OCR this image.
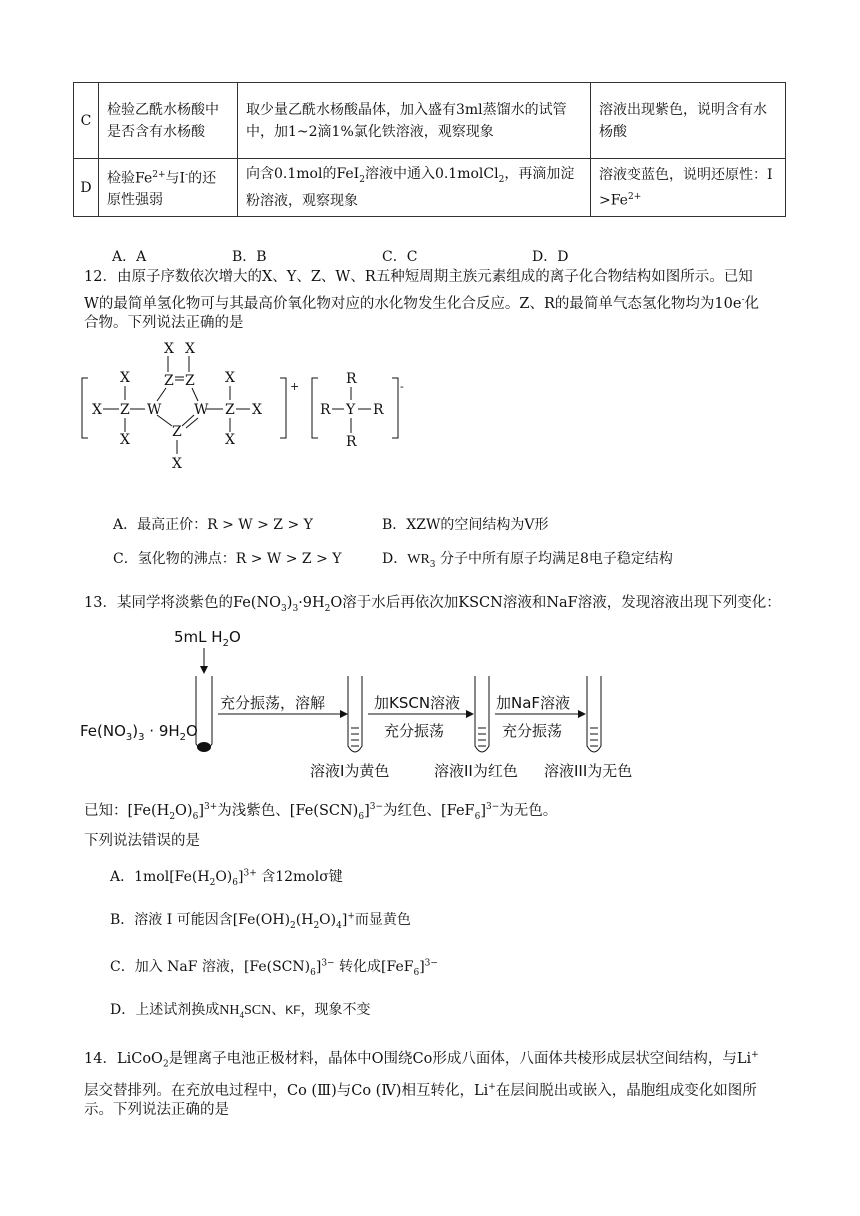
C	检验乙酰水杨酸中是否含有水杨酸	取少量乙酰水杨酸晶体，加入盛有3ml蒸馏水的试管中，加1~2滴1%氯化铁溶液，观察现象	溶液出现紫色，说明含有水杨酸
D	检验$Fe^{2+}$与I-的还原性强弱	向含0.1mol的FeI$_2$溶液中通入0.1molCl$_2$，再滴加淀粉溶液，观察现象	溶液变蓝色，说明还原性：I
$>Fe^{2+}$
A．A	B．B	C．C	D．D
12．由原子序数依次增大的X、Y、Z、W、R五种短周期主族元素组成的离子化合物结构如图所示。已知
W的最简单氢化物可与其最高价氧化物对应的水化物发生化合反应。Z、R的最简单气态氢化物均为10e-化
合物。下列说法正确的是
+
X
X
X
Z W
X X
Z Z
W
Z
X
Z X
X
X
-
R
R Y R
R
A．最高正价：R > W > Z > Y	B．XZW的空间结构为V形
C．氢化物的沸点：R > W > Z > Y	D．$WR_3$ 分子中所有原子均满足8电子稳定结构
13．某同学将淡紫色的$Fe(NO_3)_3\cdot 9H_2O$溶于水后再依次加KSCN溶液和NaF溶液，发现溶液出现下列变化：
5mL $H_2O$
$Fe(NO_3)_3 \cdot 9H_2O$
充分振荡，溶解
溶液I为黄色
加KSCN溶液
充分振荡
溶液II为红色
加NaF溶液
充分振荡
溶液III为无色
已知：$[Fe(H_2O)_6]^{3+}$为浅紫色、$[Fe(SCN)_6]^{3-}$为红色、$[FeF_6]^{3-}$为无色。
下列说法错误的是
A．$1mol[Fe(H_2O)_6]^{3+}$ 含12molσ键
B．溶液 I 可能因含$[Fe(OH)_2(H_2O)_4]^+$而显黄色
C．加入 NaF 溶液，$[Fe(SCN)_6]^{3-}$ 转化成$[FeF_6]^{3-}$
D．上述试剂换成$NH_4SCN$、KF，现象不变
14．LiCoO$_2$是锂离子电池正极材料，晶体中O围绕Co形成八面体，八面体共棱形成层状空间结构，与Li+
层交替排列。在充放电过程中，Co (Ⅲ)与Co (Ⅳ)相互转化，Li+在层间脱出或嵌入，晶胞组成变化如图所
示。下列说法正确的是
